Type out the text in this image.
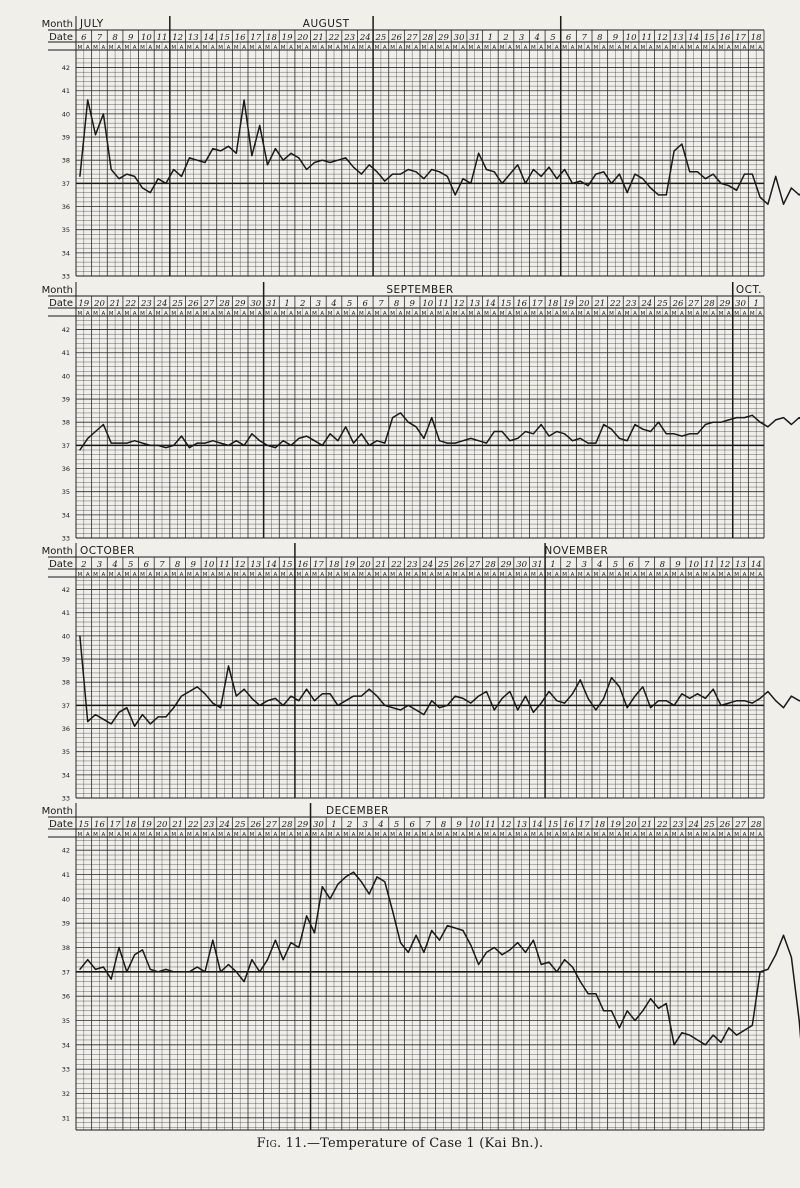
Month
Date
JULY	AUGUST
6 7 8 9 10 11 12 13 14 15 16 17 18 19 20 21 22 23 24 25 26 27 28 29 30 31 1 2 3 4 5 6 7 8 9 10 11 12 13 14 15 16 17 18
M A M A M A M A M A M A M A M A M A M A M A M A M A M A M A M A M A M A M A M A M A M A M A M A M A M A M A M A M A M A M A M A M A M A M A M A M A M A M A M A M A M A M A M A
42
41
40
39
38
37
36
35
34
33
Month
Date
SEPTEMBER	OCT.
19 20 21 22 23 24 25 26 27 28 29 30 31 1 2 3 4 5 6 7 8 9 10 11 12 13 14 15 16 17 18 19 20 21 22 23 24 25 26 27 28 29 30 1
M A M A M A M A M A M A M A M A M A M A M A M A M A M A M A M A M A M A M A M A M A M A M A M A M A M A M A M A M A M A M A M A M A M A M A M A M A M A M A M A M A M A M A M A
42
41
40
39
38
37
36
35
34
33
Month
Date
OCTOBER	NOVEMBER
2 3 4 5 6 7 8 9 10 11 12 13 14 15 16 17 18 19 20 21 22 23 24 25 26 27 28 29 30 31 1 2 3 4 5 6 7 8 9 10 11 12 13 14
M A M A M A M A M A M A M A M A M A M A M A M A M A M A M A M A M A M A M A M A M A M A M A M A M A M A M A M A M A M A M A M A M A M A M A M A M A M A M A M A M A M A M A M A
42
41
40
39
38
37
36
35
34
33
Month
Date
DECEMBER
15 16 17 18 19 20 21 22 23 24 25 26 27 28 29 30 1 2 3 4 5 6 7 8 9 10 11 12 13 14 15 16 17 18 19 20 21 22 23 24 25 26 27 28
M A M A M A M A M A M A M A M A M A M A M A M A M A M A M A M A M A M A M A M A M A M A M A M A M A M A M A M A M A M A M A M A M A M A M A M A M A M A M A M A M A M A M A M A
42
41
40
39
38
37
36
35
34
33
32
31
Fig. 11.—Temperature of Case 1 (Kai Bn.).
